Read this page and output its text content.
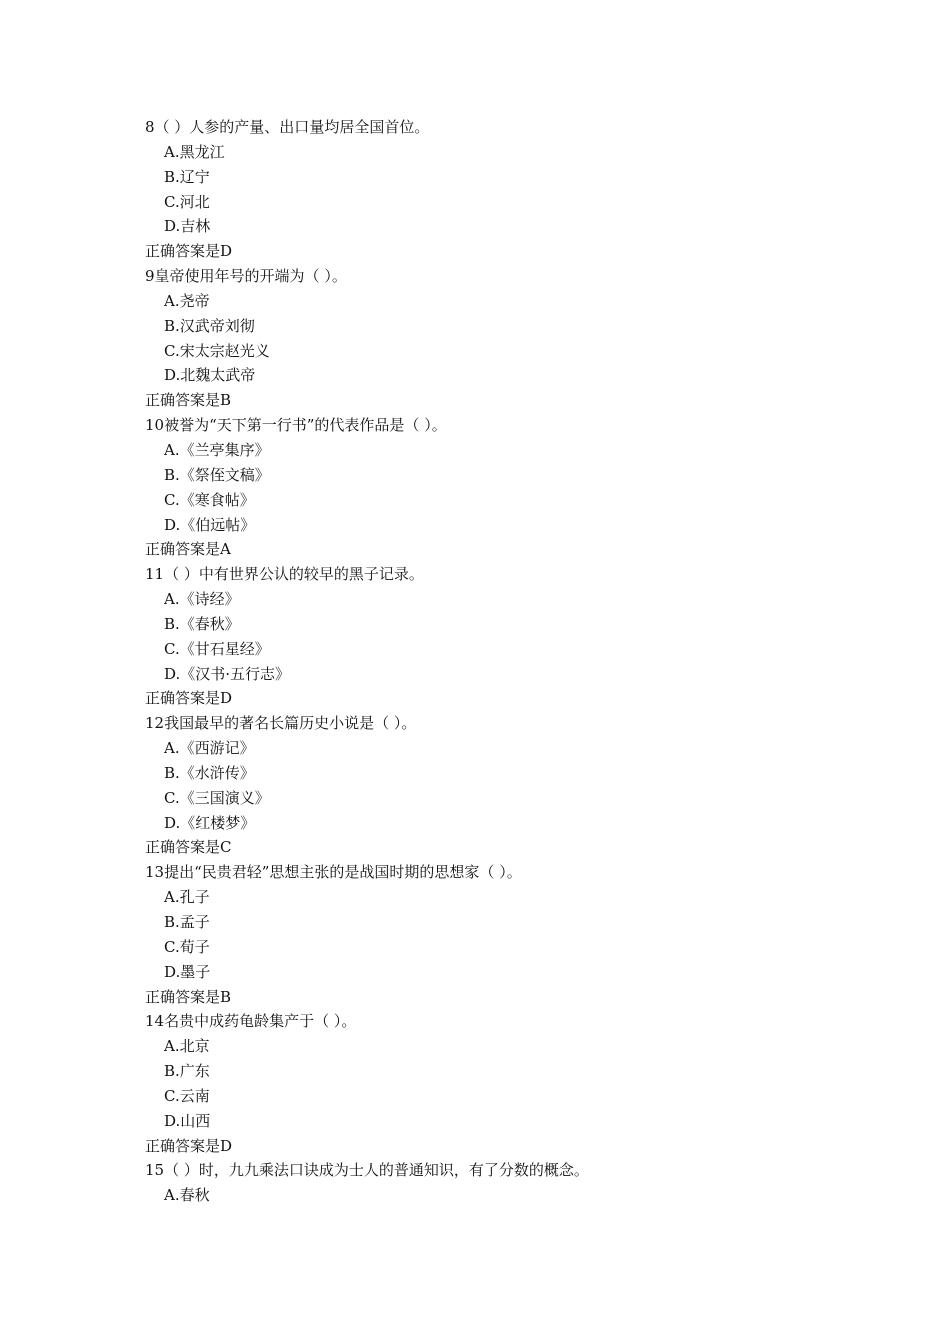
8（ ）人参的产量、出口量均居全国首位。
A.黑龙江
B.辽宁
C.河北
D.吉林
正确答案是D
9皇帝使用年号的开端为（ ）。
A.尧帝
B.汉武帝刘彻
C.宋太宗赵光义
D.北魏太武帝
正确答案是B
10被誉为“天下第一行书”的代表作品是（ ）。
A.《兰亭集序》
B.《祭侄文稿》
C.《寒食帖》
D.《伯远帖》
正确答案是A
11（ ）中有世界公认的较早的黑子记录。
A.《诗经》
B.《春秋》
C.《甘石星经》
D.《汉书·五行志》
正确答案是D
12我国最早的著名长篇历史小说是（ ）。
A.《西游记》
B.《水浒传》
C.《三国演义》
D.《红楼梦》
正确答案是C
13提出“民贵君轻”思想主张的是战国时期的思想家（ ）。
A.孔子
B.孟子
C.荀子
D.墨子
正确答案是B
14名贵中成药龟龄集产于（ ）。
A.北京
B.广东
C.云南
D.山西
正确答案是D
15（ ）时，九九乘法口诀成为士人的普通知识，有了分数的概念。
A.春秋
